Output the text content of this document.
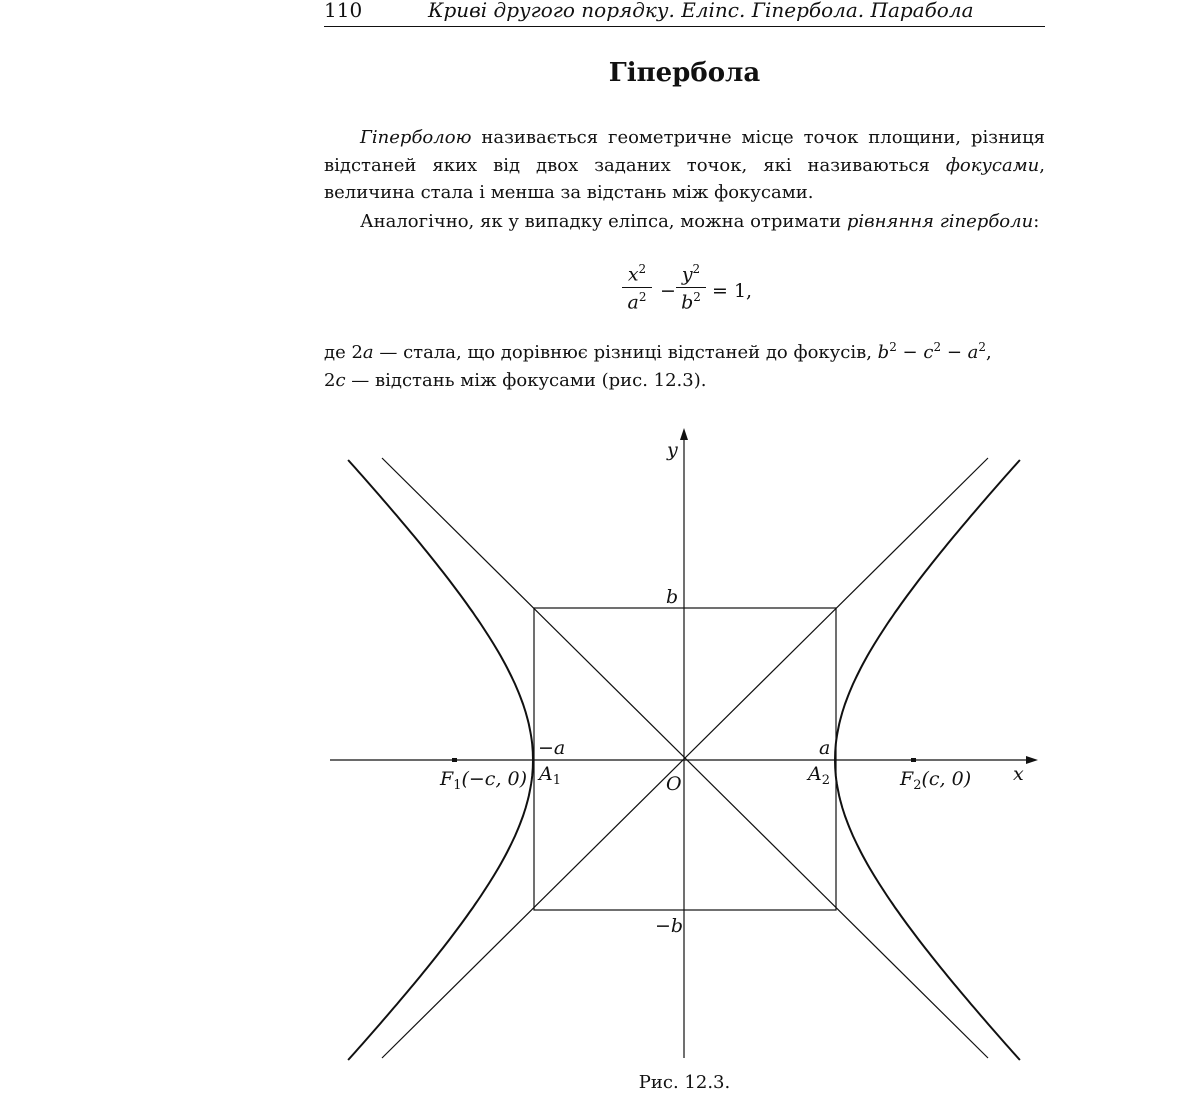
110	Криві другого порядку. Еліпс. Гіпербола. Парабола
Гіпербола

Гіперболою називається геометричне місце точок площини, різниця відстаней яких від двох заданих точок, які називаються фокусами, величина стала і менша за відстань між фокусами.

Аналогічно, як у випадку еліпса, можна отримати рівняння гіперболи:

$\frac{x^2}{a^2} - \frac{y^2}{b^2} = 1$,

де 2a — стала, що дорівнює різниці відстаней до фокусів, $b^2 - c^2 - a^2$,
2c — відстань між фокусами (рис. 12.3).

y
x
b
−b
−a	a
O
$A_1$	$A_2$
$F_1(-c$, 0)	$F_2(c$, 0)
Рис. 12.3.
